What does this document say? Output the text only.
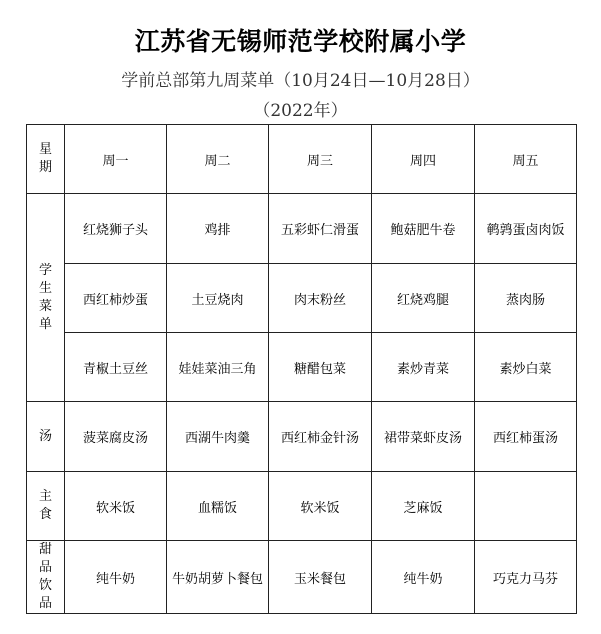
江苏省无锡师范学校附属小学
学前总部第九周菜单（10月24日—10月28日）
（2022年）
星期	周一	周二	周三	周四	周五
学生菜单	红烧狮子头	鸡排	五彩虾仁滑蛋	鲍菇肥牛卷	鹌鹑蛋卤肉饭
	西红柿炒蛋	土豆烧肉	肉末粉丝	红烧鸡腿	蒸肉肠
	青椒土豆丝	娃娃菜油三角	糖醋包菜	素炒青菜	素炒白菜
汤	菠菜腐皮汤	西湖牛肉羹	西红柿金针汤	裙带菜虾皮汤	西红柿蛋汤
主食	软米饭	血糯饭	软米饭	芝麻饭	
甜品饮品	纯牛奶	牛奶胡萝卜餐包	玉米餐包	纯牛奶	巧克力马芬
